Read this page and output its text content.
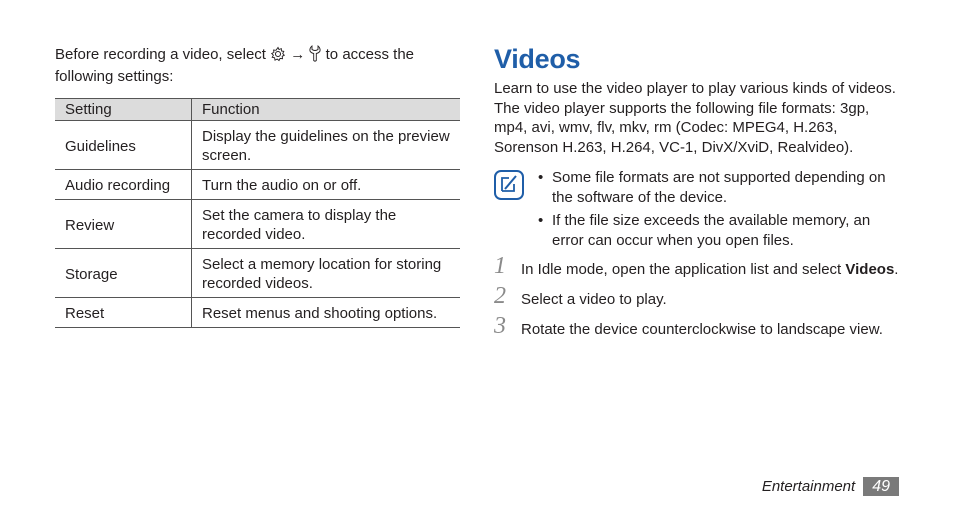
Before recording a video, select → to access the following settings:

Setting	Function
Guidelines	Display the guidelines on the preview screen.
Audio recording	Turn the audio on or off.
Review	Set the camera to display the recorded video.
Storage	Select a memory location for storing recorded videos.
Reset	Reset menus and shooting options.
Videos

Learn to use the video player to play various kinds of videos. The video player supports the following file formats: 3gp, mp4, avi, wmv, flv, mkv, rm (Codec: MPEG4, H.263, Sorenson H.263, H.264, VC-1, DivX/XviD, Realvideo).

• Some file formats are not supported depending on the software of the device.
• If the file size exceeds the available memory, an error can occur when you open files.
1 In Idle mode, open the application list and select Videos.
2 Select a video to play.
3 Rotate the device counterclockwise to landscape view.
Entertainment 49
